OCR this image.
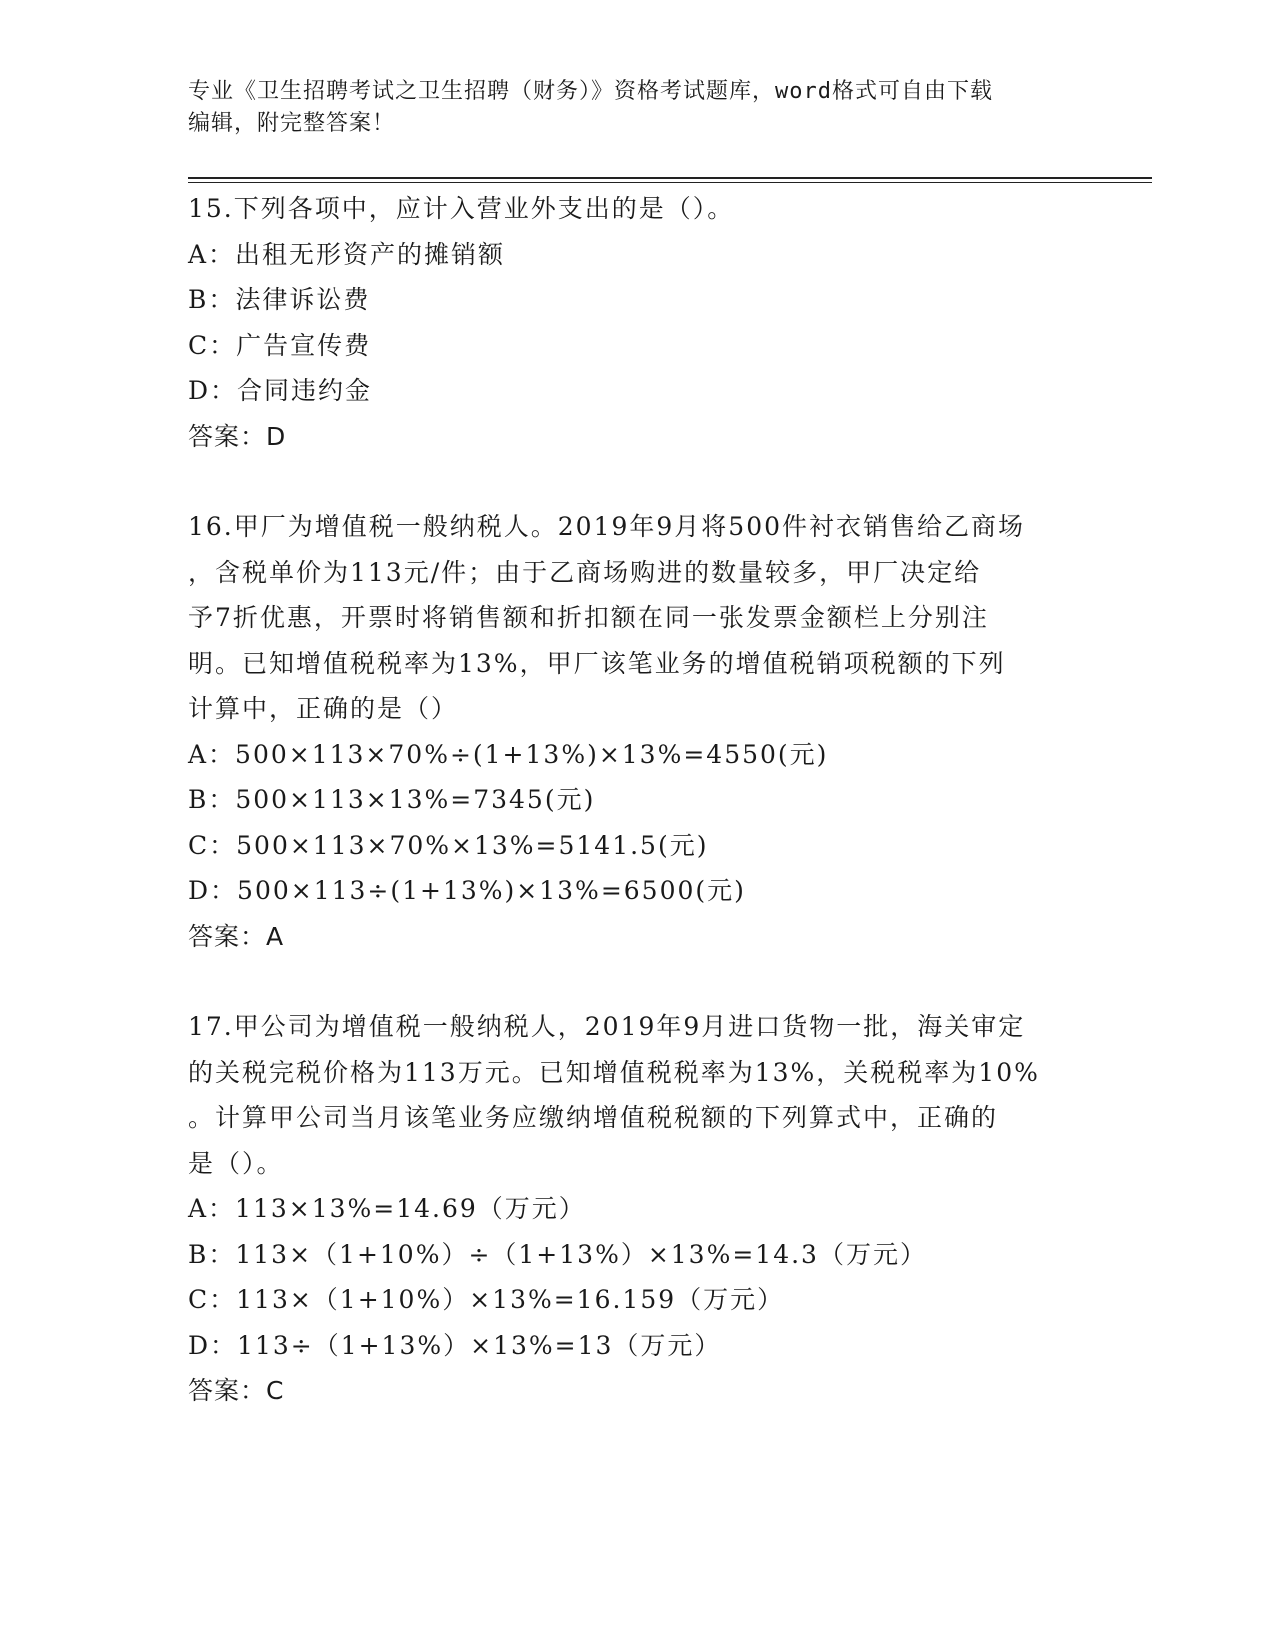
专业《卫生招聘考试之卫生招聘（财务）》资格考试题库，word格式可自由下载

编辑，附完整答案！

15.下列各项中，应计入营业外支出的是（）。

A：出租无形资产的摊销额

B：法律诉讼费

C：广告宣传费

D：合同违约金

答案：D

16.甲厂为增值税一般纳税人。2019年9月将500件衬衣销售给乙商场

，含税单价为113元/件；由于乙商场购进的数量较多，甲厂决定给

予7折优惠，开票时将销售额和折扣额在同一张发票金额栏上分别注

明。已知增值税税率为13%，甲厂该笔业务的增值税销项税额的下列

计算中，正确的是（）

A：500×113×70%÷(1+13%)×13%=4550(元)

B：500×113×13%=7345(元)

C：500×113×70%×13%=5141.5(元)

D：500×113÷(1+13%)×13%=6500(元)

答案：A

17.甲公司为增值税一般纳税人，2019年9月进口货物一批，海关审定

的关税完税价格为113万元。已知增值税税率为13%，关税税率为10%

。计算甲公司当月该笔业务应缴纳增值税税额的下列算式中，正确的

是（）。

A：113×13%=14.69（万元）

B：113×（1+10%）÷（1+13%）×13%=14.3（万元）

C：113×（1+10%）×13%=16.159（万元）

D：113÷（1+13%）×13%=13（万元）

答案：C
